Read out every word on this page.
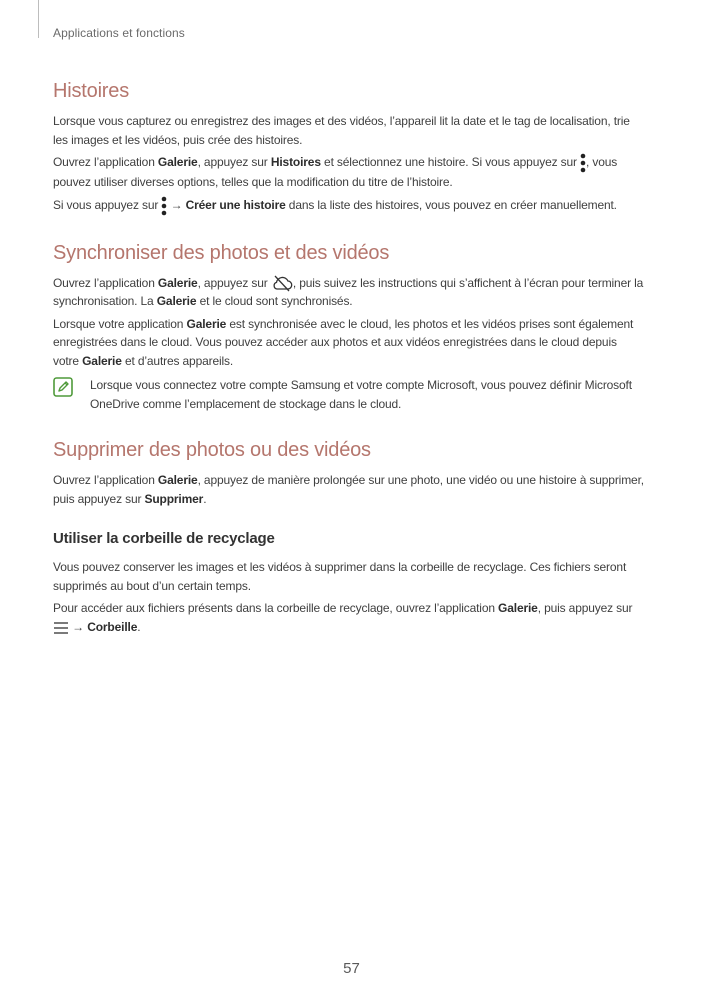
Applications et fonctions
Histoires

Lorsque vous capturez ou enregistrez des images et des vidéos, l’appareil lit la date et le tag de localisation, trie les images et les vidéos, puis crée des histoires.

Ouvrez l’application Galerie, appuyez sur Histoires et sélectionnez une histoire. Si vous appuyez sur , vous pouvez utiliser diverses options, telles que la modification du titre de l’histoire.

Si vous appuyez sur  → Créer une histoire dans la liste des histoires, vous pouvez en créer manuellement.

Synchroniser des photos et des vidéos

Ouvrez l’application Galerie, appuyez sur , puis suivez les instructions qui s’affichent à l’écran pour terminer la synchronisation. La Galerie et le cloud sont synchronisés.

Lorsque votre application Galerie est synchronisée avec le cloud, les photos et les vidéos prises sont également enregistrées dans le cloud. Vous pouvez accéder aux photos et aux vidéos enregistrées dans le cloud depuis votre Galerie et d’autres appareils.

Lorsque vous connectez votre compte Samsung et votre compte Microsoft, vous pouvez définir Microsoft OneDrive comme l’emplacement de stockage dans le cloud.

Supprimer des photos ou des vidéos

Ouvrez l’application Galerie, appuyez de manière prolongée sur une photo, une vidéo ou une histoire à supprimer, puis appuyez sur Supprimer.

Utiliser la corbeille de recyclage

Vous pouvez conserver les images et les vidéos à supprimer dans la corbeille de recyclage. Ces fichiers seront supprimés au bout d’un certain temps.

Pour accéder aux fichiers présents dans la corbeille de recyclage, ouvrez l’application Galerie, puis appuyez sur  → Corbeille.

57
